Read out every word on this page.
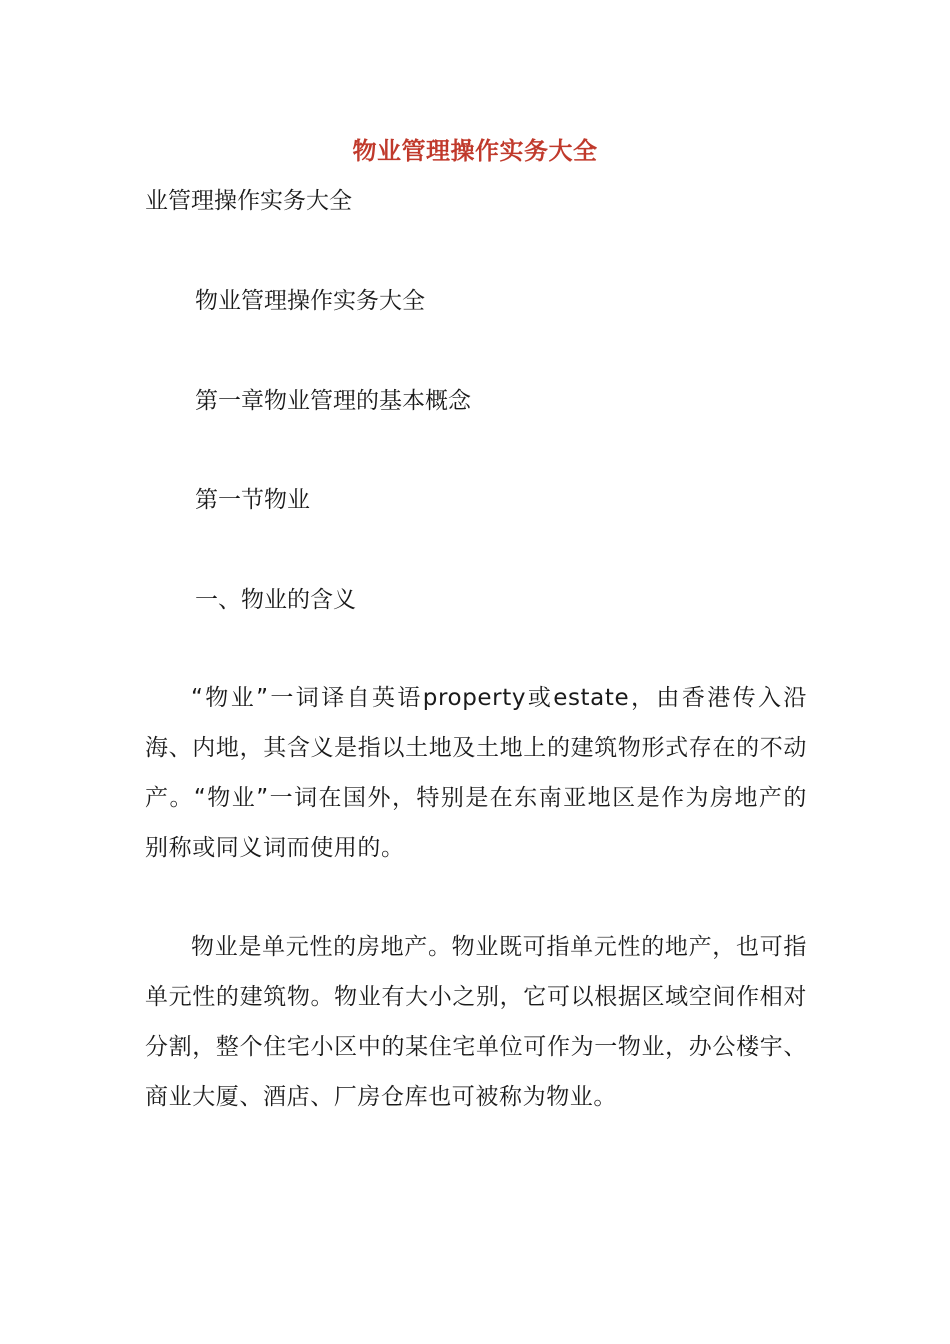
物业管理操作实务大全
业管理操作实务大全
物业管理操作实务大全
第一章物业管理的基本概念
第一节物业
一、物业的含义
“物业”一词译自英语property或estate，由香港传入沿海、内地，其含义是指以土地及土地上的建筑物形式存在的不动产。“物业”一词在国外，特别是在东南亚地区是作为房地产的别称或同义词而使用的。
物业是单元性的房地产。物业既可指单元性的地产，也可指单元性的建筑物。物业有大小之别，它可以根据区域空间作相对分割，整个住宅小区中的某住宅单位可作为一物业，办公楼宇、商业大厦、酒店、厂房仓库也可被称为物业。
